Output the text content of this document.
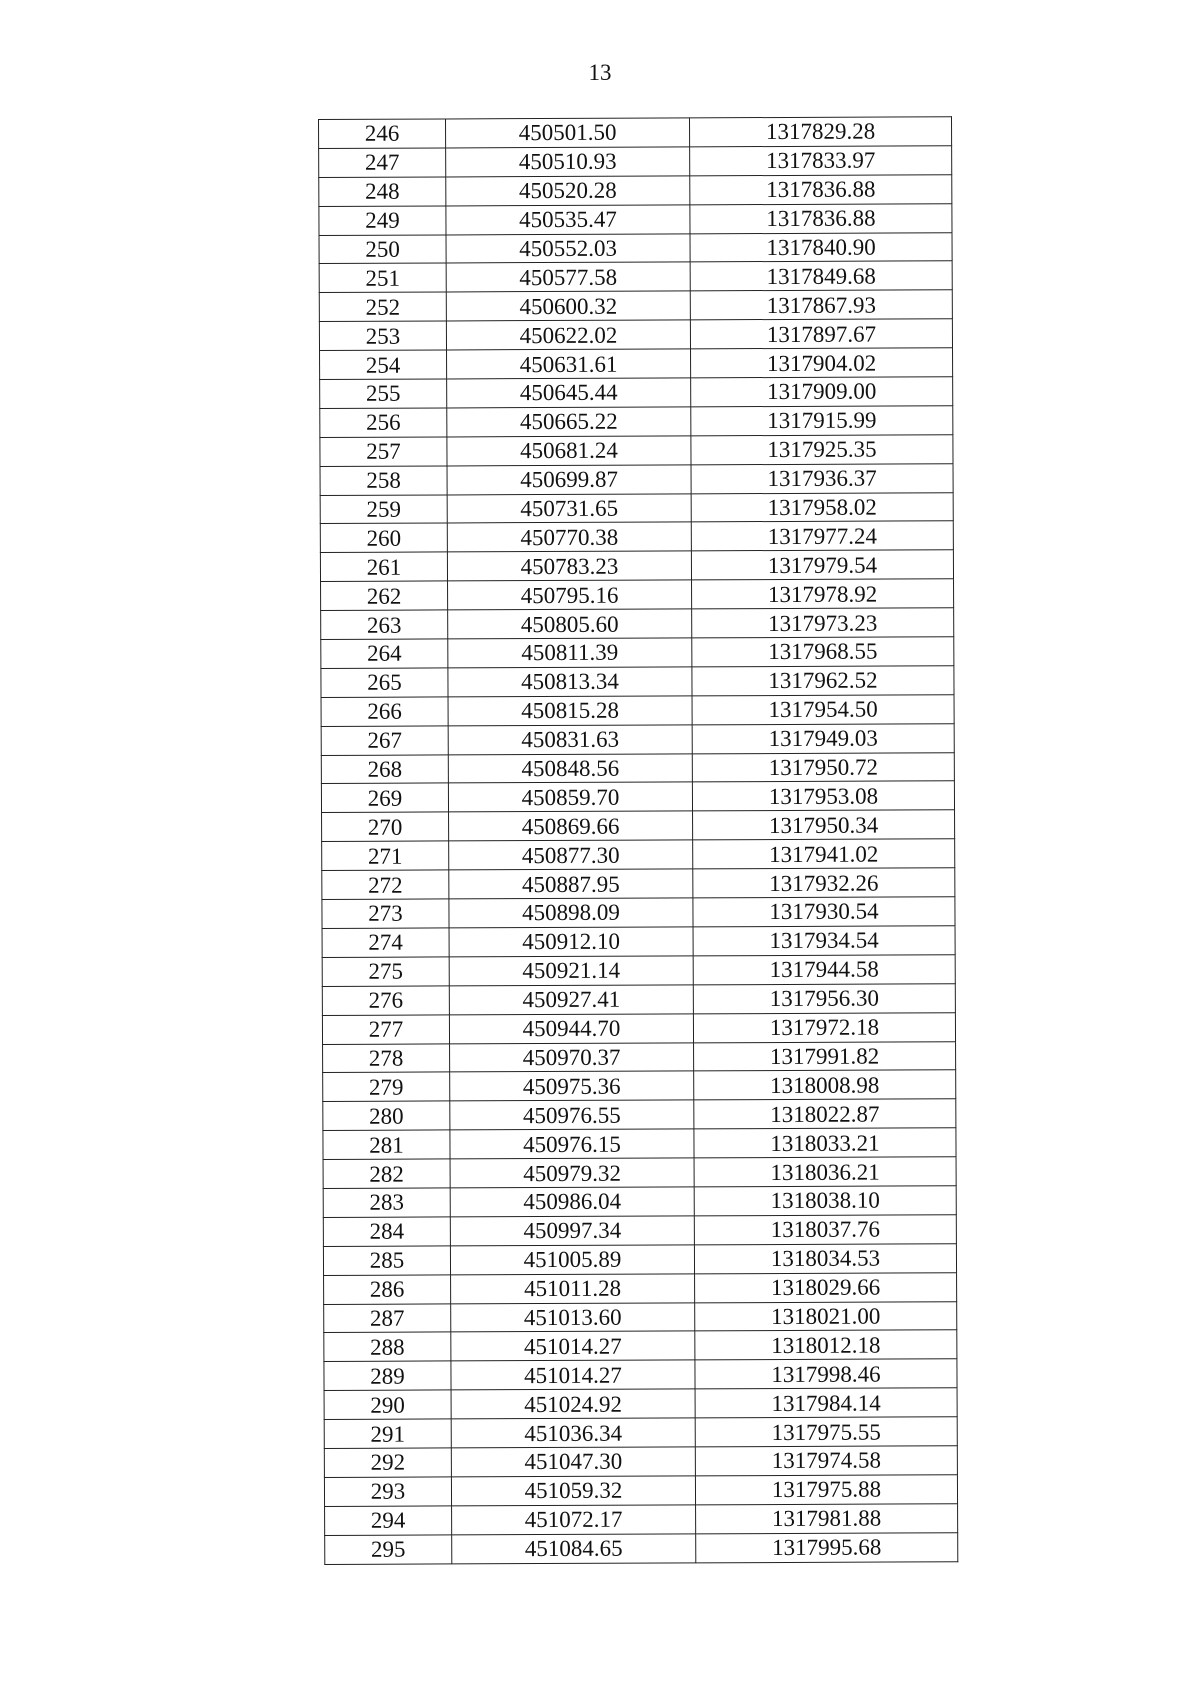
13
246	450501.50	1317829.28
247	450510.93	1317833.97
248	450520.28	1317836.88
249	450535.47	1317836.88
250	450552.03	1317840.90
251	450577.58	1317849.68
252	450600.32	1317867.93
253	450622.02	1317897.67
254	450631.61	1317904.02
255	450645.44	1317909.00
256	450665.22	1317915.99
257	450681.24	1317925.35
258	450699.87	1317936.37
259	450731.65	1317958.02
260	450770.38	1317977.24
261	450783.23	1317979.54
262	450795.16	1317978.92
263	450805.60	1317973.23
264	450811.39	1317968.55
265	450813.34	1317962.52
266	450815.28	1317954.50
267	450831.63	1317949.03
268	450848.56	1317950.72
269	450859.70	1317953.08
270	450869.66	1317950.34
271	450877.30	1317941.02
272	450887.95	1317932.26
273	450898.09	1317930.54
274	450912.10	1317934.54
275	450921.14	1317944.58
276	450927.41	1317956.30
277	450944.70	1317972.18
278	450970.37	1317991.82
279	450975.36	1318008.98
280	450976.55	1318022.87
281	450976.15	1318033.21
282	450979.32	1318036.21
283	450986.04	1318038.10
284	450997.34	1318037.76
285	451005.89	1318034.53
286	451011.28	1318029.66
287	451013.60	1318021.00
288	451014.27	1318012.18
289	451014.27	1317998.46
290	451024.92	1317984.14
291	451036.34	1317975.55
292	451047.30	1317974.58
293	451059.32	1317975.88
294	451072.17	1317981.88
295	451084.65	1317995.68
